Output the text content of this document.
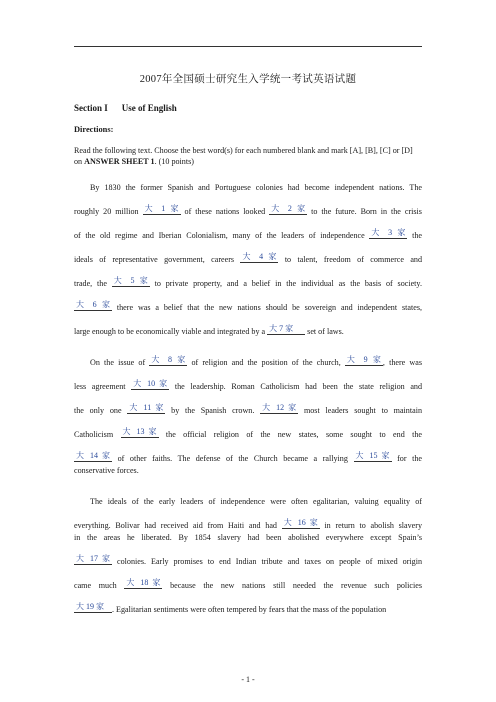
2007年全国硕士研究生入学统一考试英语试题
Section I Use of English
Directions:
Read the following text. Choose the best word(s) for each numbered blank and mark [A], [B], [C] or [D] on ANSWER SHEET 1. (10 points)
By 1830 the former Spanish and Portuguese colonies had become independent nations. The
roughly 20 million 大 1 家 of these nations looked 大 2 家 to the future. Born in the crisis
of the old regime and Iberian Colonialism, many of the leaders of independence 大 3 家 the
ideals of representative government, careers 大 4 家 to talent, freedom of commerce and
trade, the 大 5 家 to private property, and a belief in the individual as the basis of society.
大 6 家 there was a belief that the new nations should be sovereign and independent states,
large enough to be economically viable and integrated by a 大 7 家 set of laws.
On the issue of 大 8 家 of religion and the position of the church, 大 9 家 , there was
less agreement 大 10 家 the leadership. Roman Catholicism had been the state religion and
the only one 大 11 家 by the Spanish crown. 大 12 家 most leaders sought to maintain
Catholicism 大 13 家 the official religion of the new states, some sought to end the
大 14 家 of other faiths. The defense of the Church became a rallying 大 15 家 for the
conservative forces.
The ideals of the early leaders of independence were often egalitarian, valuing equality of
everything. Bolivar had received aid from Haiti and had 大 16 家 in return to abolish slavery
in the areas he liberated. By 1854 slavery had been abolished everywhere except Spain’s
大 17 家 colonies. Early promises to end Indian tribute and taxes on people of mixed origin
came much 大 18 家 because the new nations still needed the revenue such policies
大 19 家 . Egalitarian sentiments were often tempered by fears that the mass of the population
- 1 -
